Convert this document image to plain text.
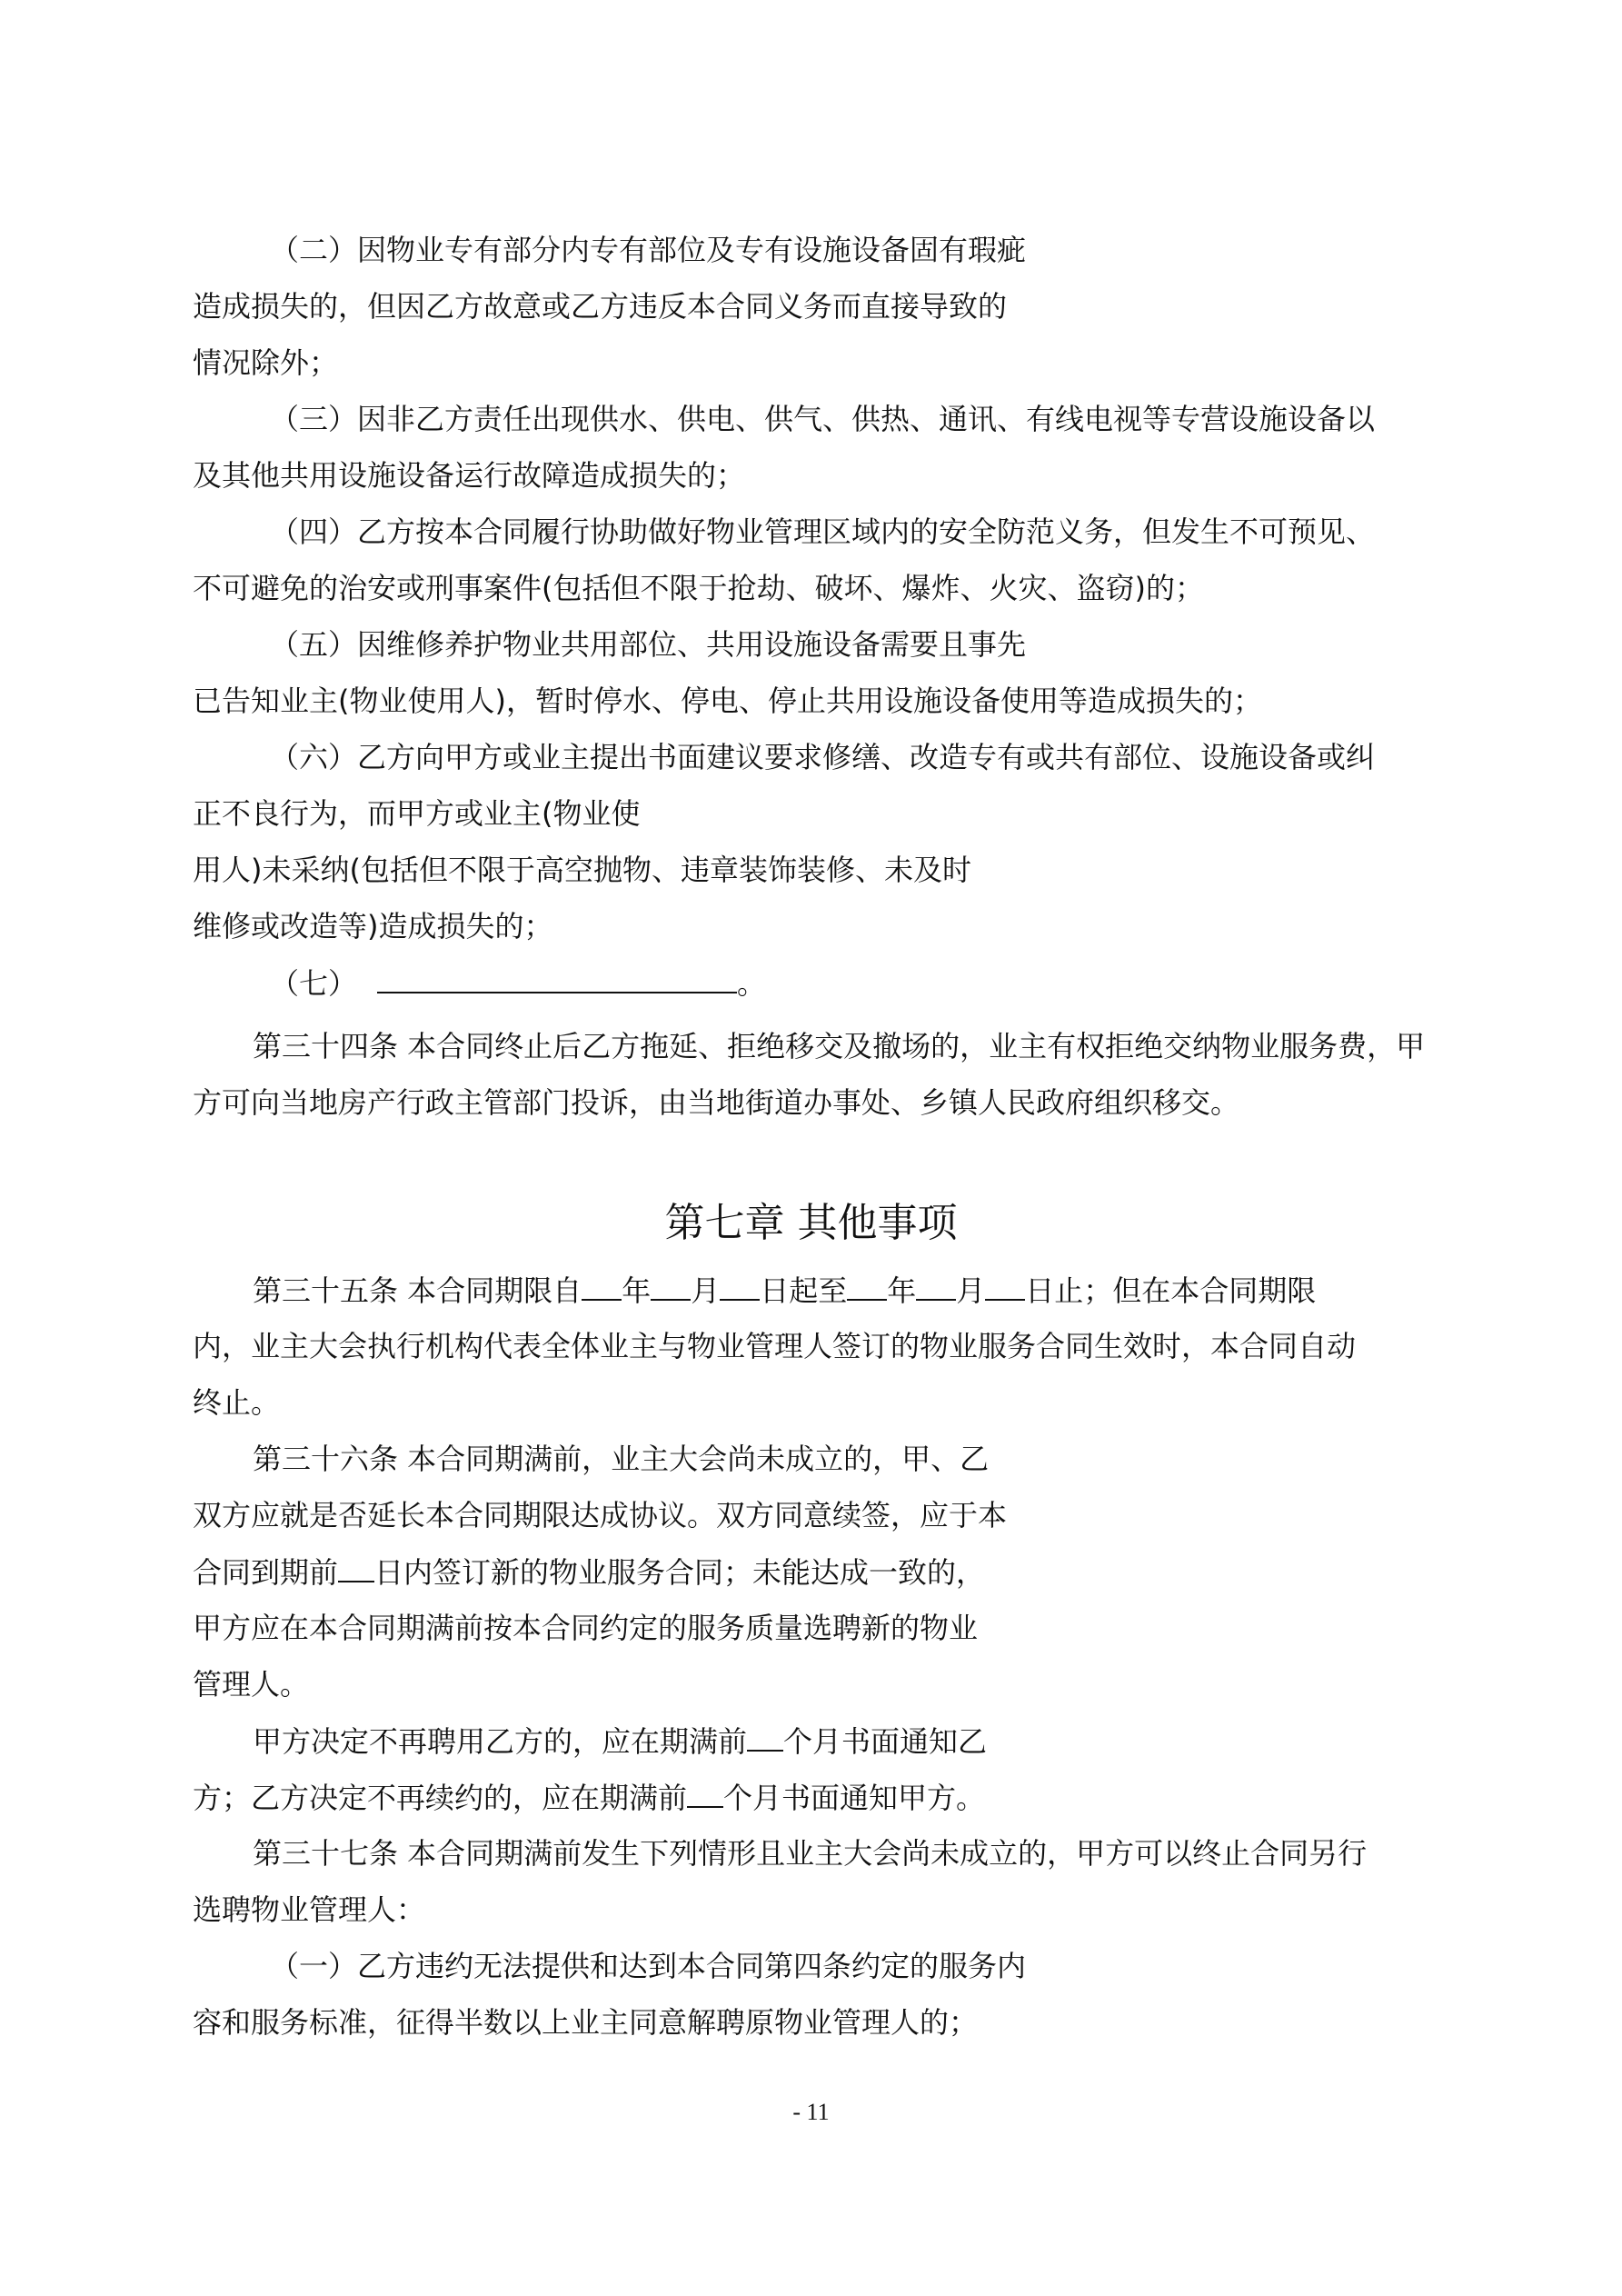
（二）因物业专有部分内专有部位及专有设施设备固有瑕疵
造成损失的，但因乙方故意或乙方违反本合同义务而直接导致的
情况除外；
（三）因非乙方责任出现供水、供电、供气、供热、通讯、有线电视等专营设施设备以
及其他共用设施设备运行故障造成损失的；
（四）乙方按本合同履行协助做好物业管理区域内的安全防范义务，但发生不可预见、
不可避免的治安或刑事案件(包括但不限于抢劫、破坏、爆炸、火灾、盗窃)的；
（五）因维修养护物业共用部位、共用设施设备需要且事先
已告知业主(物业使用人)，暂时停水、停电、停止共用设施设备使用等造成损失的；
（六）乙方向甲方或业主提出书面建议要求修缮、改造专有或共有部位、设施设备或纠
正不良行为，而甲方或业主(物业使
用人)未采纳(包括但不限于高空抛物、违章装饰装修、未及时
维修或改造等)造成损失的；
（七）	。
第三十四条 本合同终止后乙方拖延、拒绝移交及撤场的，业主有权拒绝交纳物业服务费，甲
方可向当地房产行政主管部门投诉，由当地街道办事处、乡镇人民政府组织移交。
第七章 其他事项
第三十五条 本合同期限自 年 月 日起至 年 月 日止；但在本合同期限
内，业主大会执行机构代表全体业主与物业管理人签订的物业服务合同生效时，本合同自动
终止。
第三十六条 本合同期满前，业主大会尚未成立的，甲、乙
双方应就是否延长本合同期限达成协议。双方同意续签，应于本
合同到期前 日内签订新的物业服务合同；未能达成一致的，
甲方应在本合同期满前按本合同约定的服务质量选聘新的物业
管理人。
甲方决定不再聘用乙方的，应在期满前 个月书面通知乙
方；乙方决定不再续约的，应在期满前 个月书面通知甲方。
第三十七条 本合同期满前发生下列情形且业主大会尚未成立的，甲方可以终止合同另行
选聘物业管理人：
（一）乙方违约无法提供和达到本合同第四条约定的服务内
容和服务标准，征得半数以上业主同意解聘原物业管理人的；
- 11
